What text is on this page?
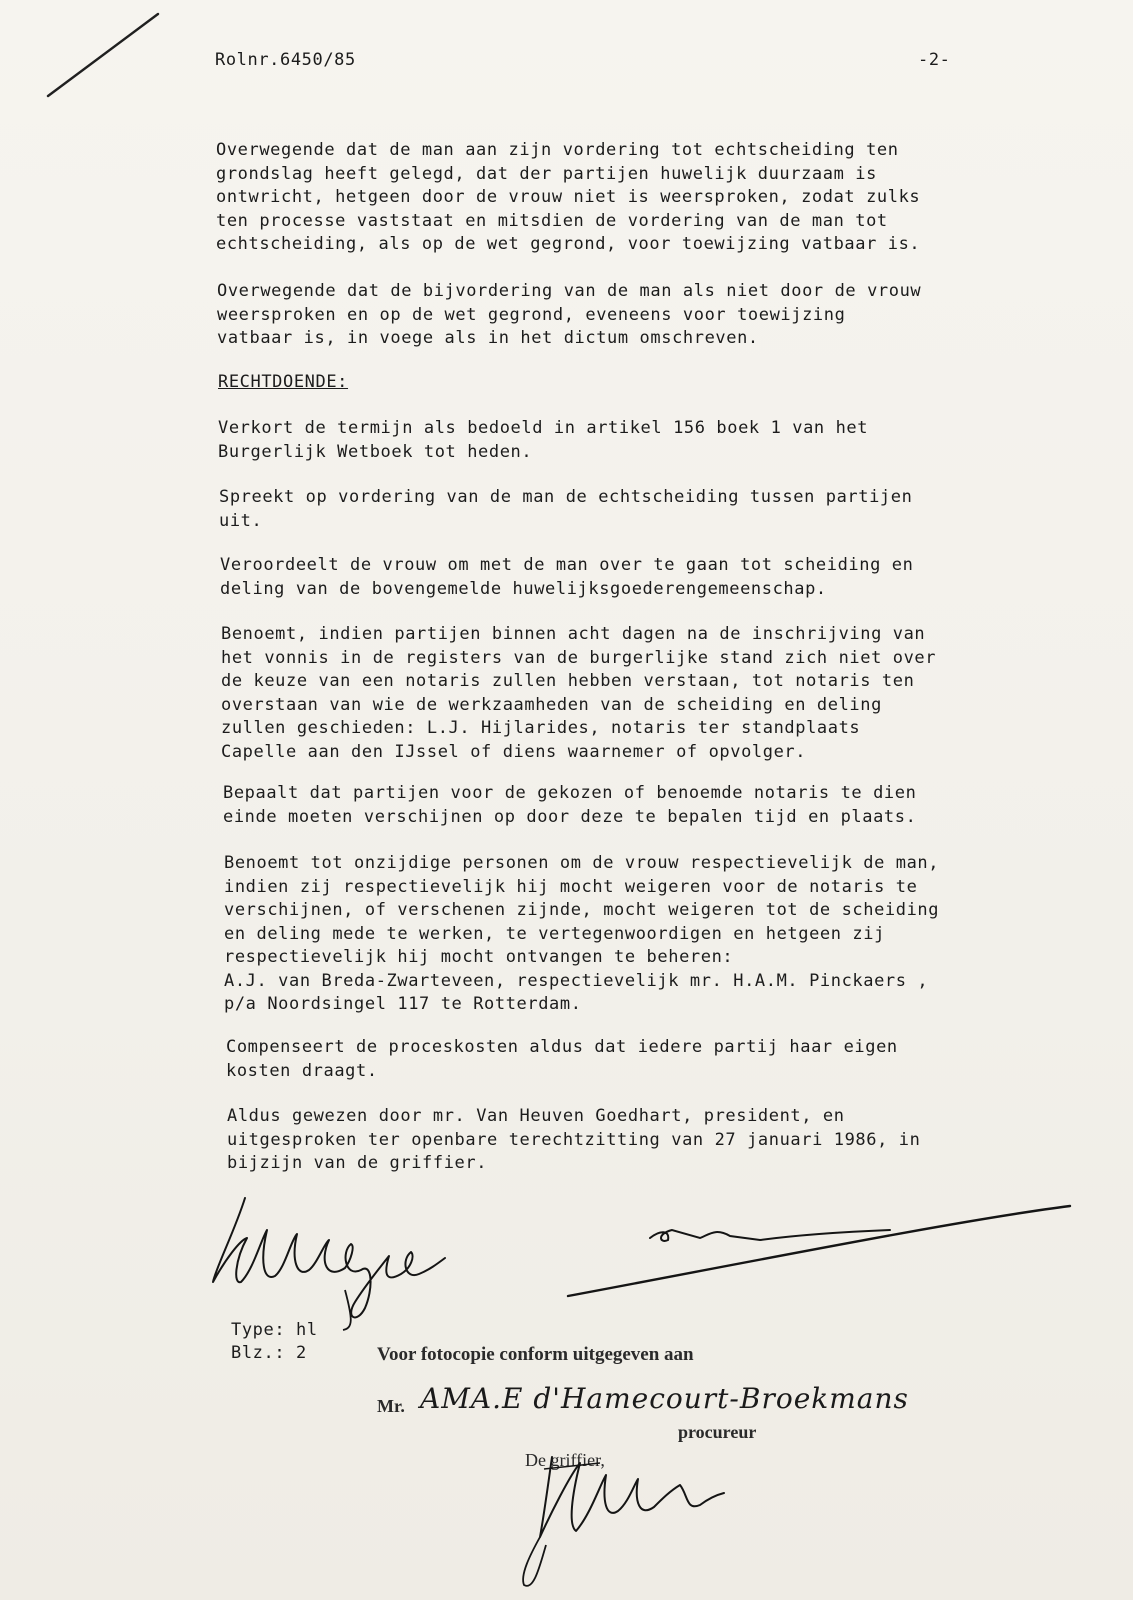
Rolnr.6450/85	-2-
Overwegende dat de man aan zijn vordering tot echtscheiding ten
grondslag heeft gelegd, dat der partijen huwelijk duurzaam is
ontwricht, hetgeen door de vrouw niet is weersproken, zodat zulks
ten processe vaststaat en mitsdien de vordering van de man tot
echtscheiding, als op de wet gegrond, voor toewijzing vatbaar is.
Overwegende dat de bijvordering van de man als niet door de vrouw
weersproken en op de wet gegrond, eveneens voor toewijzing
vatbaar is, in voege als in het dictum omschreven.
RECHTDOENDE:
Verkort de termijn als bedoeld in artikel 156 boek 1 van het
Burgerlijk Wetboek tot heden.
Spreekt op vordering van de man de echtscheiding tussen partijen
uit.
Veroordeelt de vrouw om met de man over te gaan tot scheiding en
deling van de bovengemelde huwelijksgoederengemeenschap.
Benoemt, indien partijen binnen acht dagen na de inschrijving van
het vonnis in de registers van de burgerlijke stand zich niet over
de keuze van een notaris zullen hebben verstaan, tot notaris ten
overstaan van wie de werkzaamheden van de scheiding en deling
zullen geschieden: L.J. Hijlarides, notaris ter standplaats
Capelle aan den IJssel of diens waarnemer of opvolger.
Bepaalt dat partijen voor de gekozen of benoemde notaris te dien
einde moeten verschijnen op door deze te bepalen tijd en plaats.
Benoemt tot onzijdige personen om de vrouw respectievelijk de man,
indien zij respectievelijk hij mocht weigeren voor de notaris te
verschijnen, of verschenen zijnde, mocht weigeren tot de scheiding
en deling mede te werken, te vertegenwoordigen en hetgeen zij
respectievelijk hij mocht ontvangen te beheren:
A.J. van Breda-Zwarteveen, respectievelijk mr. H.A.M. Pinckaers ,
p/a Noordsingel 117 te Rotterdam.
Compenseert de proceskosten aldus dat iedere partij haar eigen
kosten draagt.
Aldus gewezen door mr. Van Heuven Goedhart, president, en
uitgesproken ter openbare terechtzitting van 27 januari 1986, in
bijzijn van de griffier.
Type: hl
Blz.: 2	Voor fotocopie conform uitgegeven aan
Mr. AMA.E d'Hamecourt-Broekmans
procureur
De griffier,
